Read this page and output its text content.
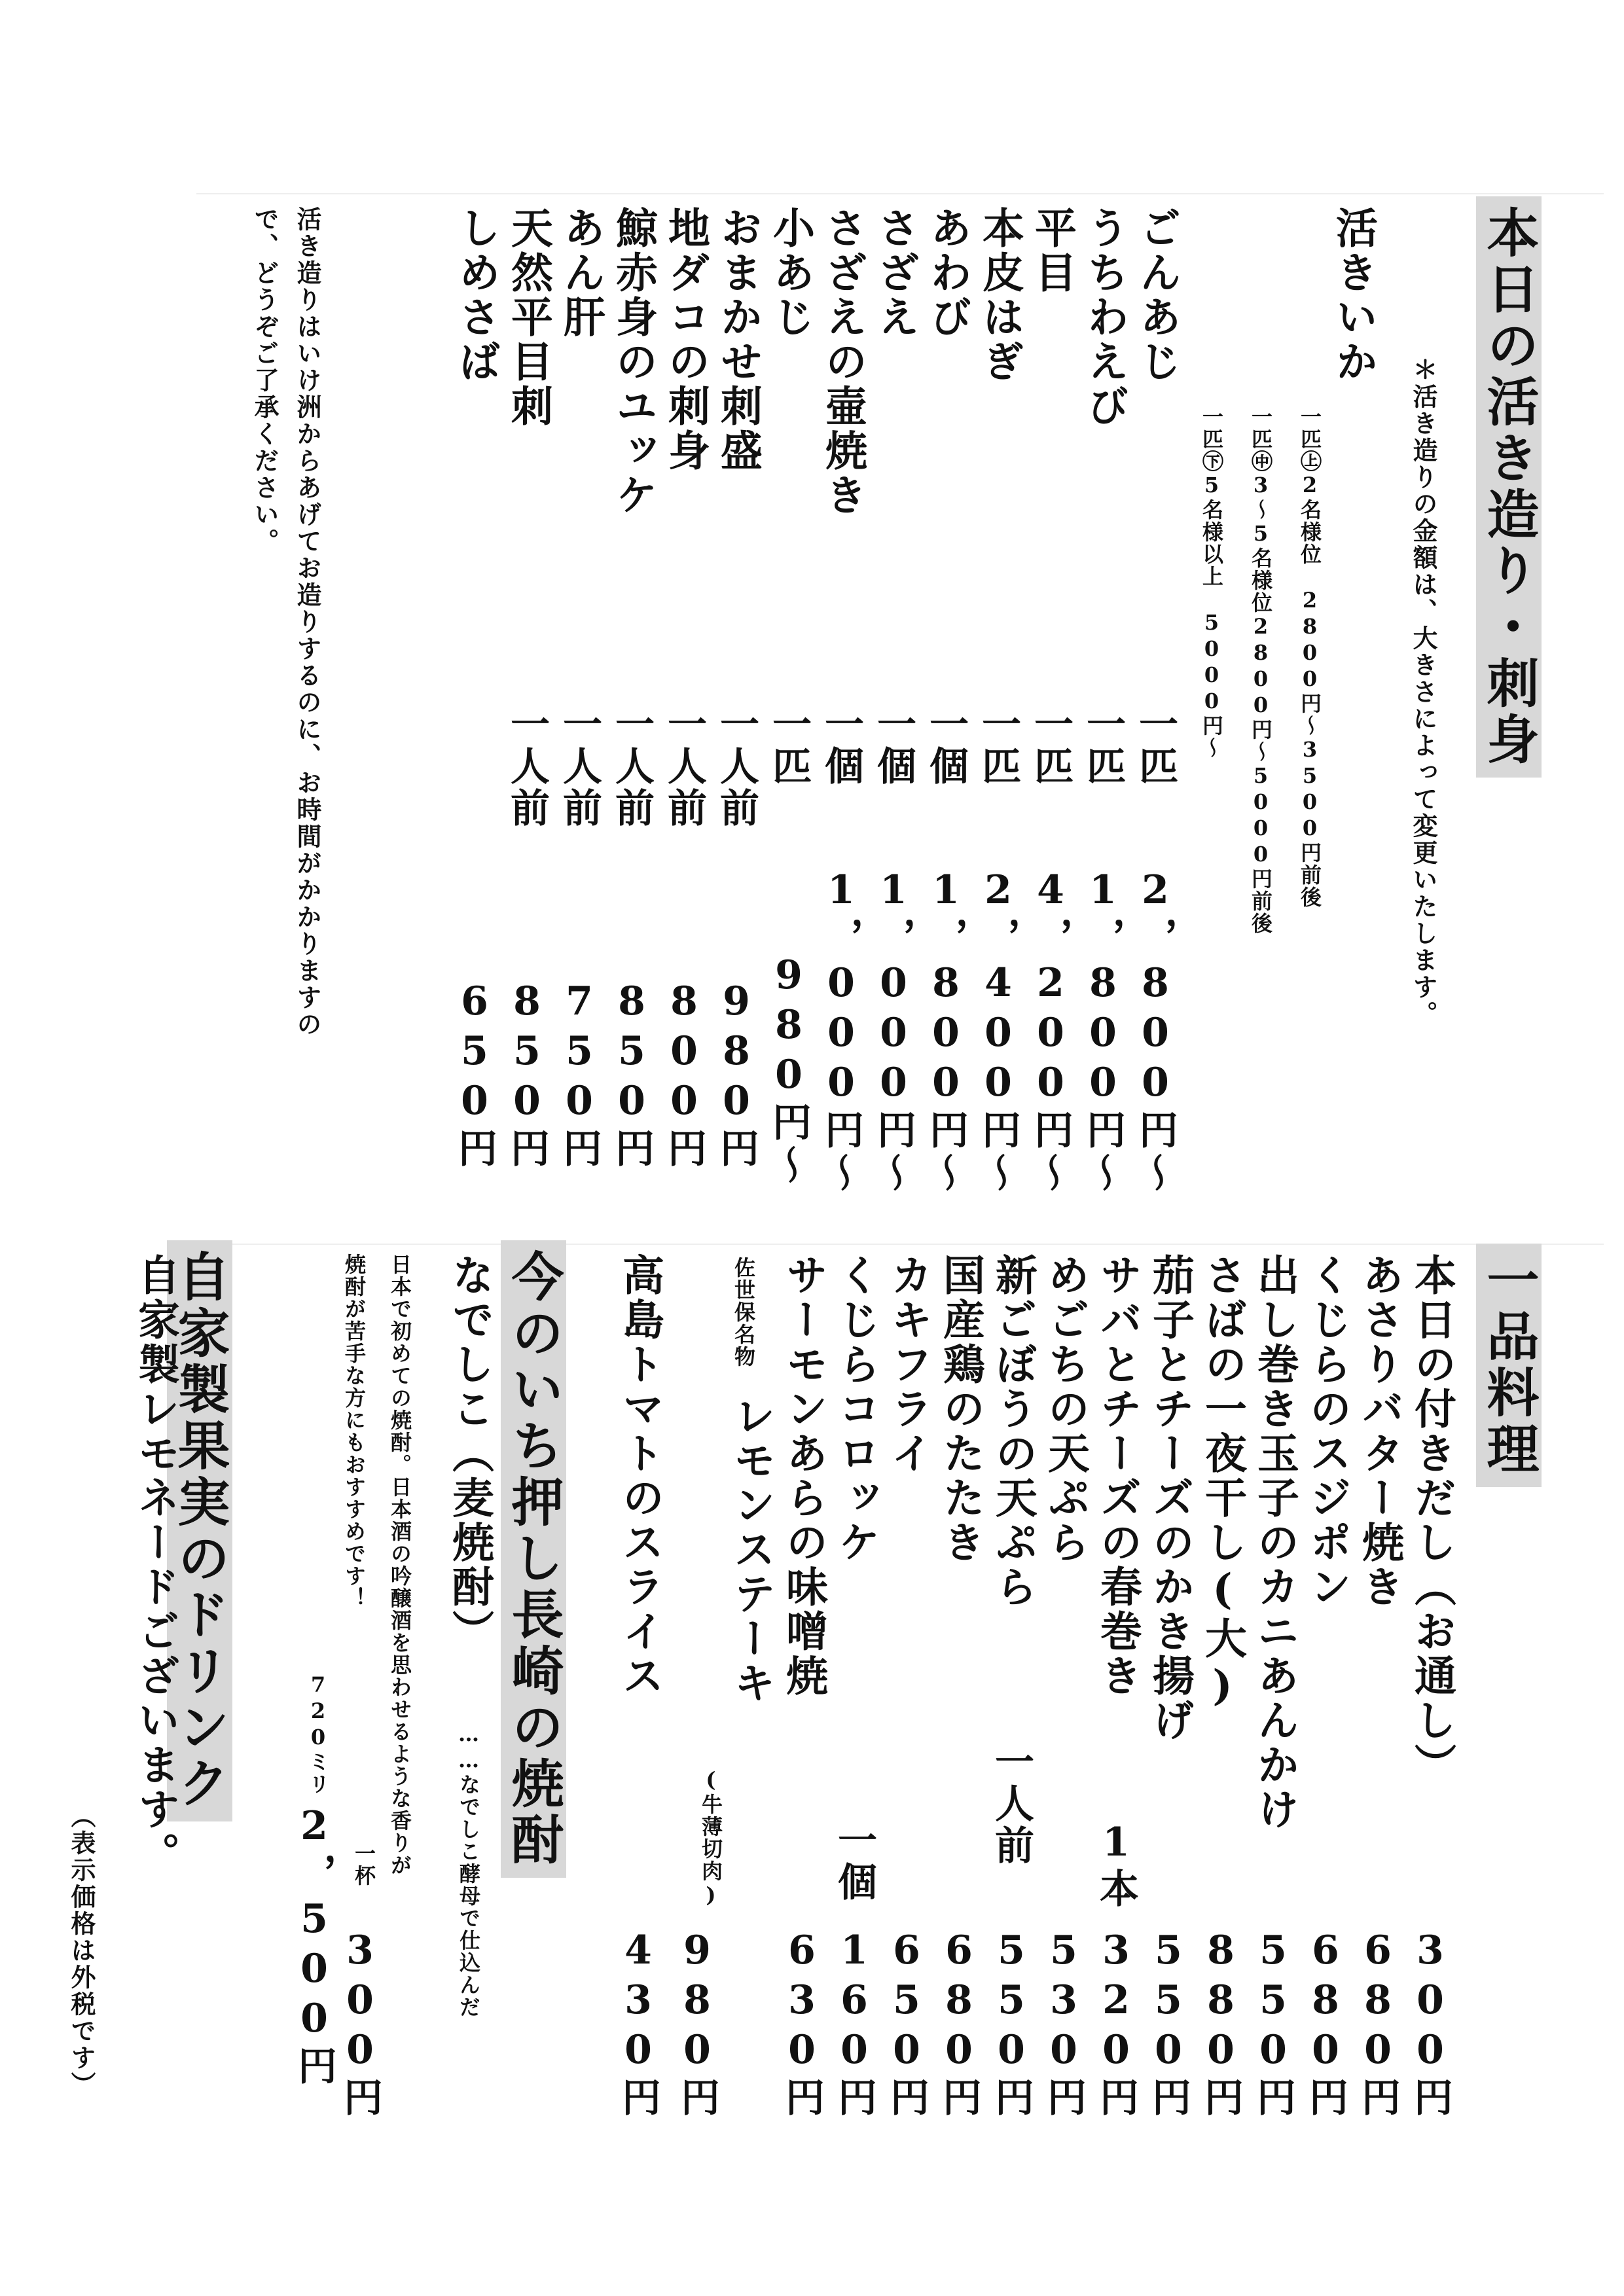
本日の活き造り・刺身
＊活き造りの金額は、大きさによって変更いたします。
活きいか
一匹㊤2名様位　2800円〜3500円前後
一匹㊥3〜5名様位2800円〜5000円前後
一匹㊦5名様以上　5000円〜
ごんあじ
うちわえび
平目
本皮はぎ
あわび
さざえ
さざえの壷焼き
小あじ
おまかせ刺盛
地ダコの刺身
鯨赤身のユッケ
あん肝
天然平目刺
しめさば
一匹
一匹
一匹
一匹
一個
一個
一個
一匹
一人前
一人前
一人前
一人前
一人前
2，800円〜
1，800円〜
4，200円〜
2，400円〜
1，800円〜
1，000円〜
1，000円〜
980円〜
980円
800円
850円
750円
850円
650円
活き造りはいけ洲からあげてお造りするのに、お時間がかかりますの
で、どうぞご了承ください。
一品料理
本日の付きだし（お通し）
あさりバター焼き
くじらのスジポン
出し巻き玉子のカニあんかけ
さばの一夜干し(大)
茄子とチーズのかき揚げ
サバとチーズの春巻き
めごちの天ぷら
新ごぼうの天ぷら
国産鶏のたたき
カキフライ
くじらコロッケ
サーモンあらの味噌焼
佐世保名物
レモンステーキ
(牛薄切肉)
高島トマトのスライス
1本
一人前
一個
300円
680円
680円
550円
880円
550円
320円
530円
550円
680円
650円
160円
630円
980円
430円
今のいち押し長崎の焼酎
なでしこ（麦焼酎）
……なでしこ酵母で仕込んだ
日本で初めての焼酎。日本酒の吟醸酒を思わせるような香りが
焼酎が苦手な方にもおすすめです！
一杯
300円
720ミリ
2，500円
自家製果実のドリンク
自家製レモネードございます。
（表示価格は外税です）
